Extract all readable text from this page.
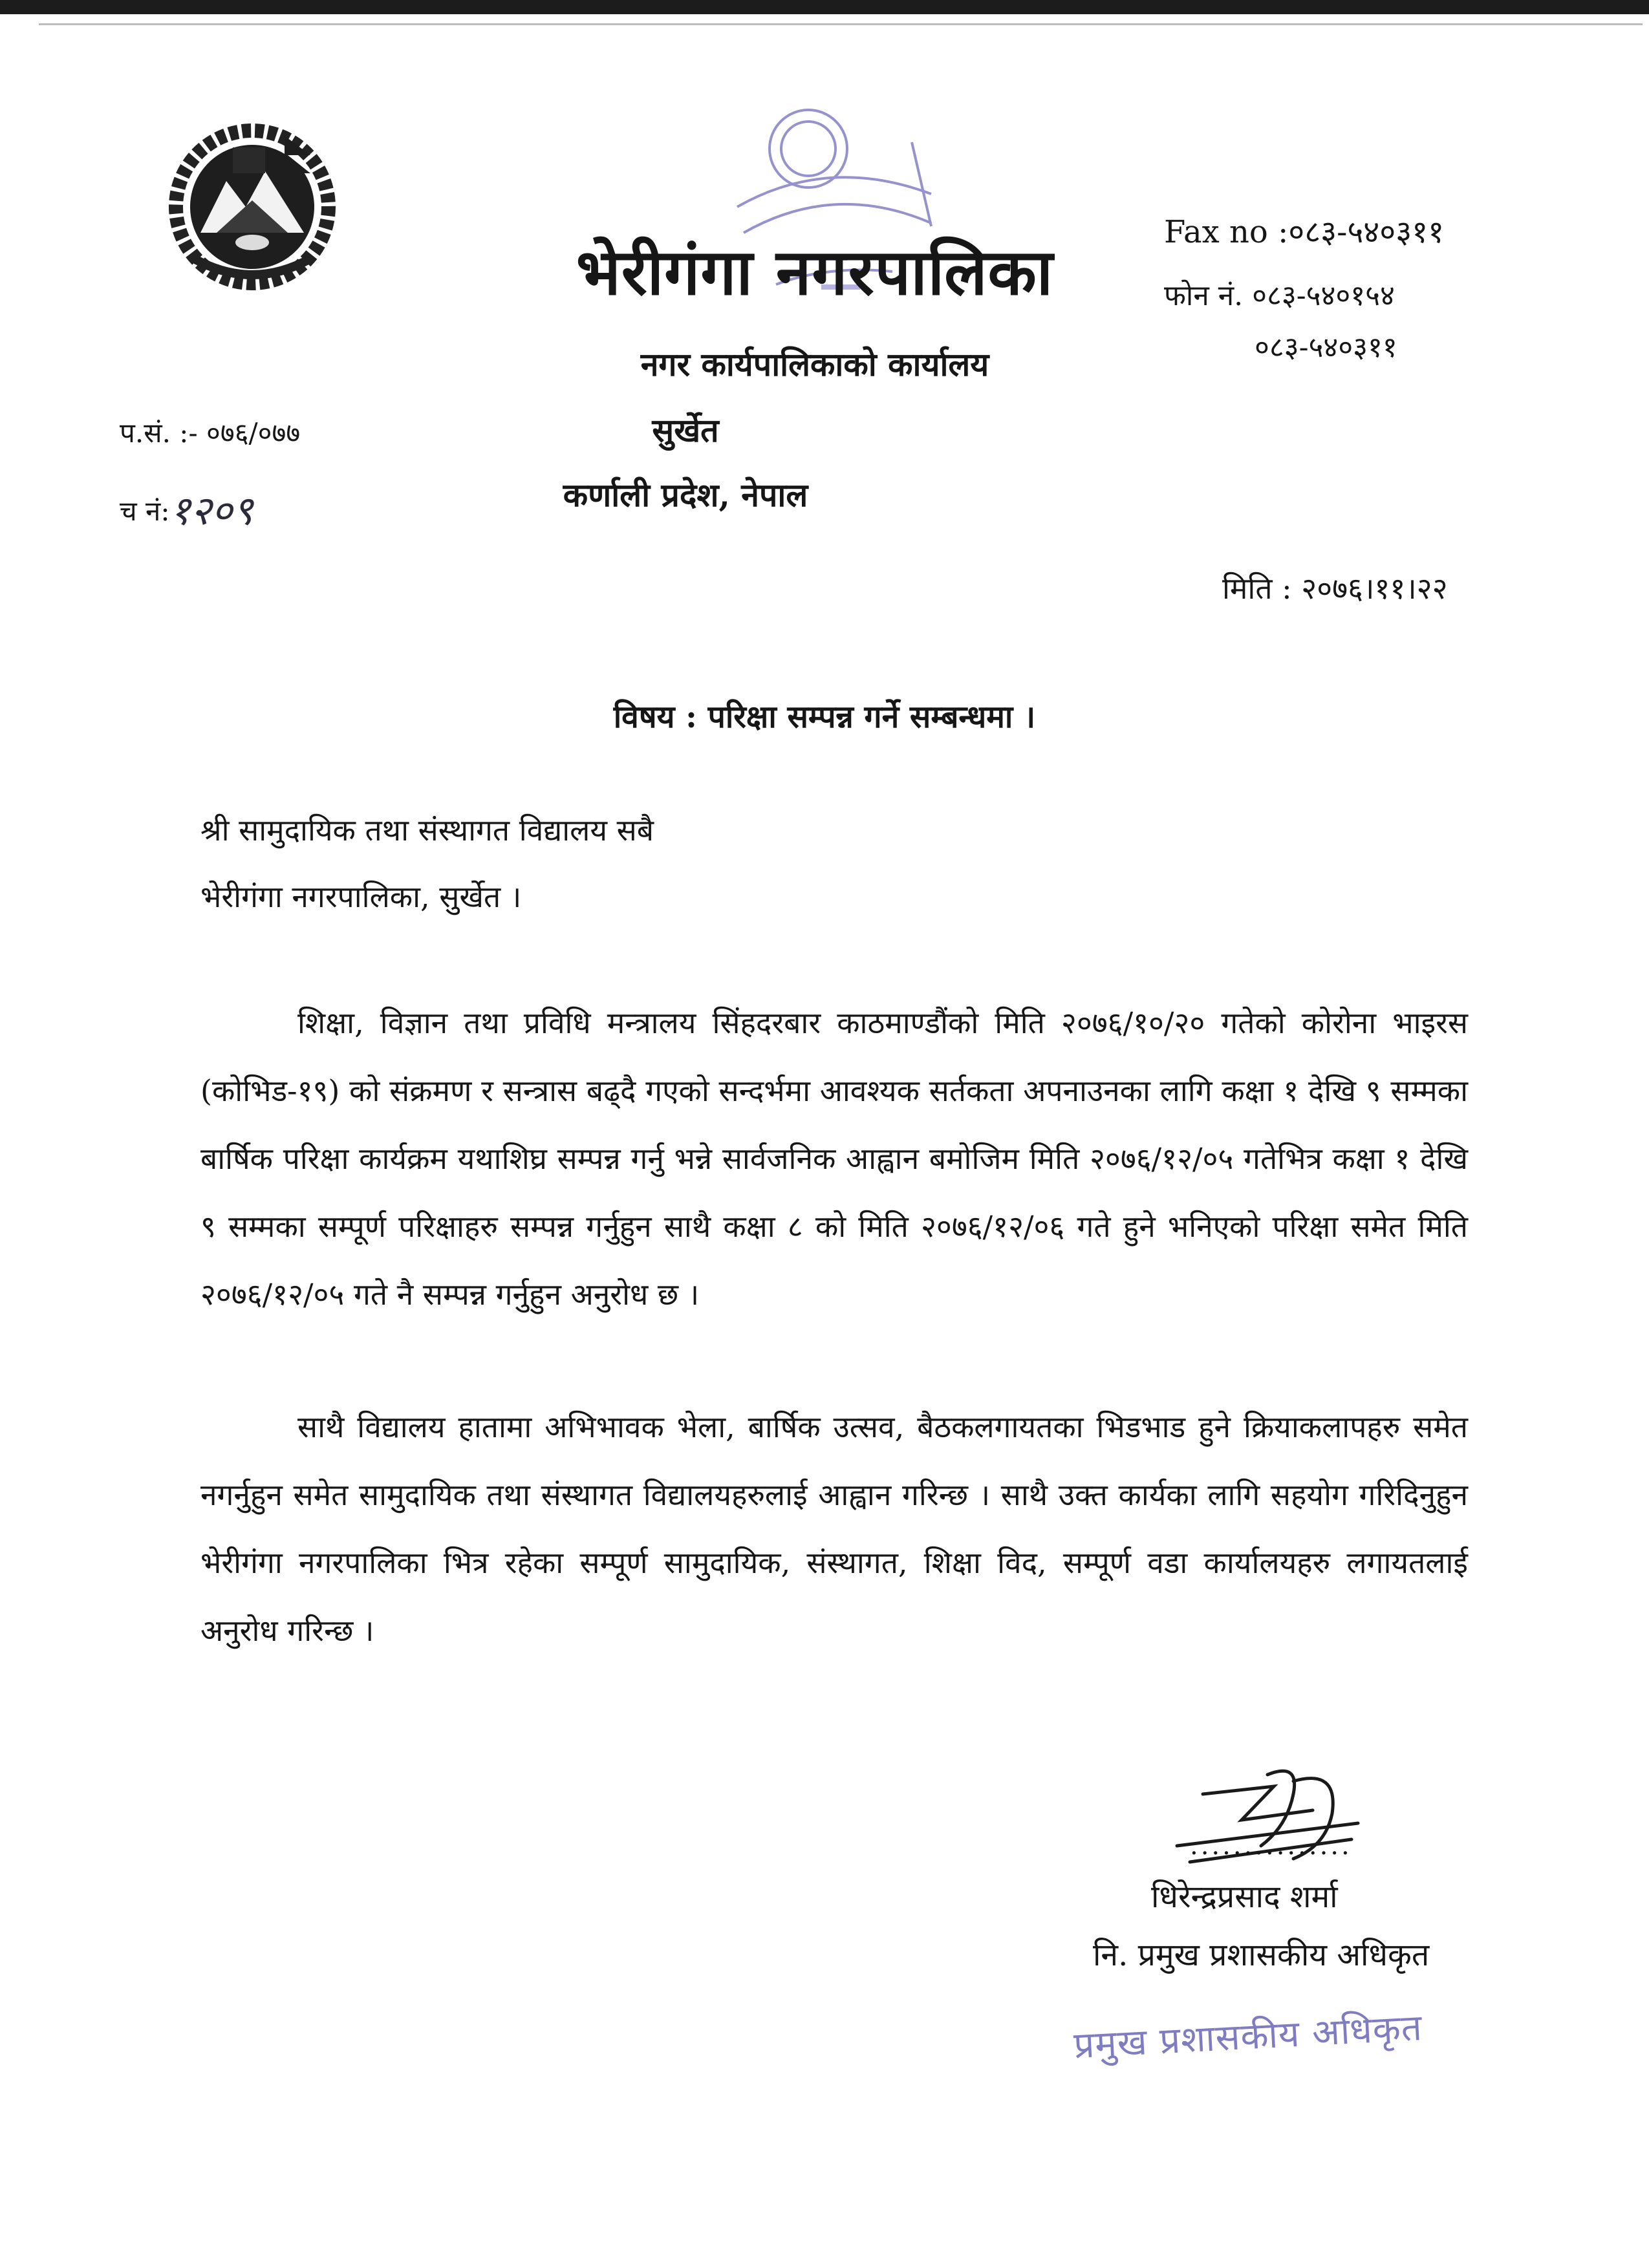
भेरीगंगा नगरपालिका
नगर कार्यपालिकाको कार्यालय
सुर्खेत
कर्णाली प्रदेश, नेपाल
Fax no :०८३-५४०३११
फोन नं. ०८३-५४०१५४
०८३-५४०३११
प.सं. :- ०७६/०७७
च नं:१२०९
मिति : २०७६।११।२२
विषय : परिक्षा सम्पन्न गर्ने सम्बन्धमा ।
श्री सामुदायिक तथा संस्थागत विद्यालय सबै
भेरीगंगा नगरपालिका, सुर्खेत ।

शिक्षा, विज्ञान तथा प्रविधि मन्त्रालय सिंहदरबार काठमाण्डौंको मिति २०७६/१०/२० गतेको कोरोना भाइरस (कोभिड-१९) को संक्रमण र सन्त्रास बढ्दै गएको सन्दर्भमा आवश्यक सर्तकता अपनाउनका लागि कक्षा १ देखि ९ सम्मका बार्षिक परिक्षा कार्यक्रम यथाशिघ्र सम्पन्न गर्नु भन्ने सार्वजनिक आह्वान बमोजिम मिति २०७६/१२/०५ गतेभित्र कक्षा १ देखि ९ सम्मका सम्पूर्ण परिक्षाहरु सम्पन्न गर्नुहुन साथै कक्षा ८ को मिति २०७६/१२/०६ गते हुने भनिएको परिक्षा समेत मिति २०७६/१२/०५ गते नै सम्पन्न गर्नुहुन अनुरोध छ ।

साथै विद्यालय हातामा अभिभावक भेला, बार्षिक उत्सव, बैठकलगायतका भिडभाड हुने क्रियाकलापहरु समेत नगर्नुहुन समेत सामुदायिक तथा संस्थागत विद्यालयहरुलाई आह्वान गरिन्छ । साथै उक्त कार्यका लागि सहयोग गरिदिनुहुन भेरीगंगा नगरपालिका भित्र रहेका सम्पूर्ण सामुदायिक, संस्थागत, शिक्षा विद, सम्पूर्ण वडा कार्यालयहरु लगायतलाई अनुरोध गरिन्छ ।

...............
धिरेन्द्रप्रसाद शर्मा
नि. प्रमुख प्रशासकीय अधिकृत
प्रमुख प्रशासकीय अधिकृत
